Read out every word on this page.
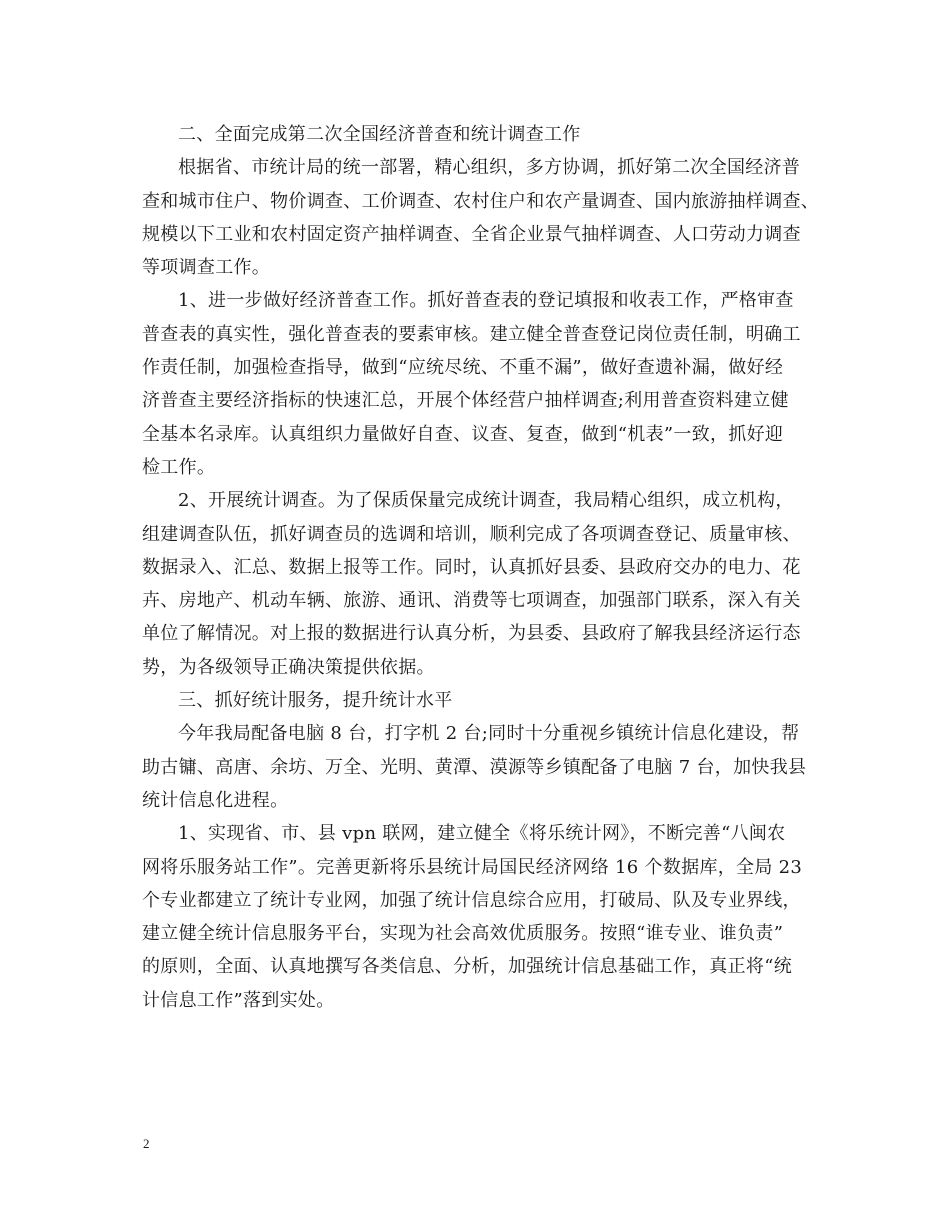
二、全面完成第二次全国经济普查和统计调查工作
根据省、市统计局的统一部署，精心组织，多方协调，抓好第二次全国经济普
查和城市住户、物价调查、工价调查、农村住户和农产量调查、国内旅游抽样调查、
规模以下工业和农村固定资产抽样调查、全省企业景气抽样调查、人口劳动力调查
等项调查工作。
1、进一步做好经济普查工作。抓好普查表的登记填报和收表工作，严格审查
普查表的真实性，强化普查表的要素审核。建立健全普查登记岗位责任制，明确工
作责任制，加强检查指导，做到“应统尽统、不重不漏”，做好查遗补漏，做好经
济普查主要经济指标的快速汇总，开展个体经营户抽样调查;利用普查资料建立健
全基本名录库。认真组织力量做好自查、议查、复查，做到“机表”一致，抓好迎
检工作。
2、开展统计调查。为了保质保量完成统计调查，我局精心组织，成立机构，
组建调查队伍，抓好调查员的选调和培训，顺利完成了各项调查登记、质量审核、
数据录入、汇总、数据上报等工作。同时，认真抓好县委、县政府交办的电力、花
卉、房地产、机动车辆、旅游、通讯、消费等七项调查，加强部门联系，深入有关
单位了解情况。对上报的数据进行认真分析，为县委、县政府了解我县经济运行态
势，为各级领导正确决策提供依据。
三、抓好统计服务，提升统计水平
今年我局配备电脑 8 台，打字机 2 台;同时十分重视乡镇统计信息化建设，帮
助古镛、高唐、余坊、万全、光明、黄潭、漠源等乡镇配备了电脑 7 台，加快我县
统计信息化进程。
1、实现省、市、县 vpn 联网，建立健全《将乐统计网》，不断完善“八闽农
网将乐服务站工作”。完善更新将乐县统计局国民经济网络 16 个数据库，全局 23
个专业都建立了统计专业网，加强了统计信息综合应用，打破局、队及专业界线，
建立健全统计信息服务平台，实现为社会高效优质服务。按照“谁专业、谁负责”
的原则，全面、认真地撰写各类信息、分析，加强统计信息基础工作，真正将“统
计信息工作”落到实处。
2
